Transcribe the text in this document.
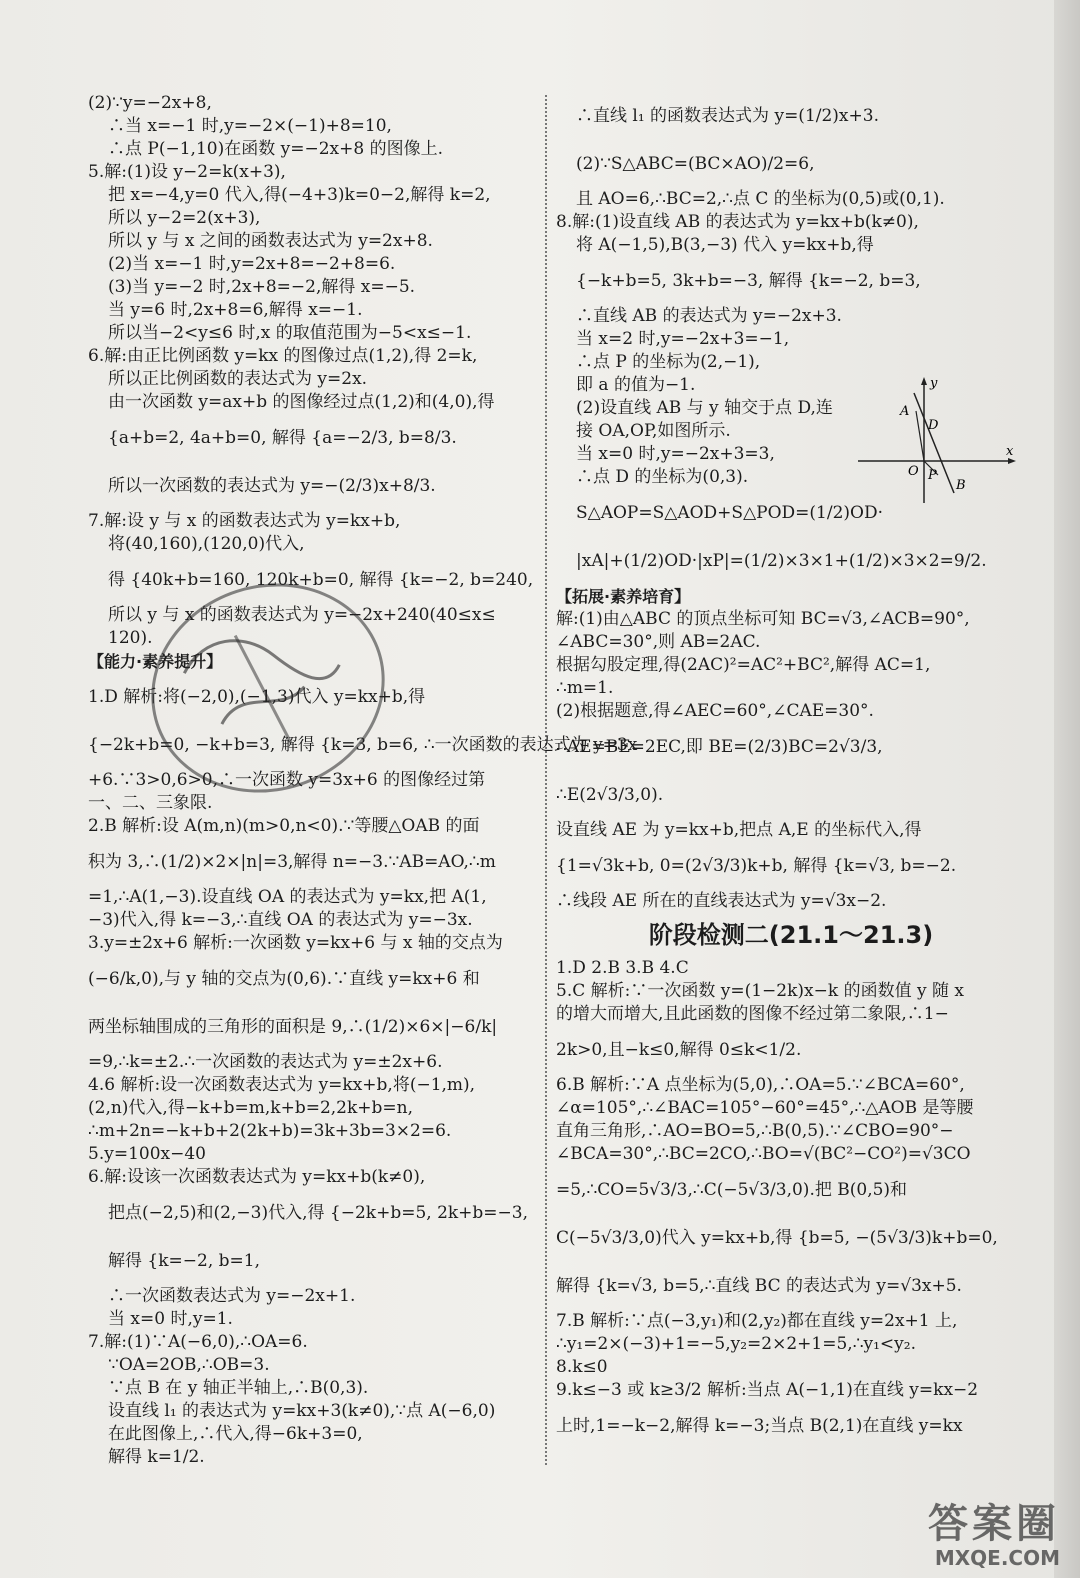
(2)∵y=−2x+8,
∴当 x=−1 时,y=−2×(−1)+8=10,
∴点 P(−1,10)在函数 y=−2x+8 的图像上.
5.解:(1)设 y−2=k(x+3),
把 x=−4,y=0 代入,得(−4+3)k=0−2,解得 k=2,
所以 y−2=2(x+3),
所以 y 与 x 之间的函数表达式为 y=2x+8.
(2)当 x=−1 时,y=2x+8=−2+8=6.
(3)当 y=−2 时,2x+8=−2,解得 x=−5.
当 y=6 时,2x+8=6,解得 x=−1.
所以当−2<y≤6 时,x 的取值范围为−5<x≤−1.
6.解:由正比例函数 y=kx 的图像过点(1,2),得 2=k,
所以正比例函数的表达式为 y=2x.
由一次函数 y=ax+b 的图像经过点(1,2)和(4,0),得
{a+b=2, 4a+b=0, 解得 {a=−2/3, b=8/3.
所以一次函数的表达式为 y=−(2/3)x+8/3.
7.解:设 y 与 x 的函数表达式为 y=kx+b,
将(40,160),(120,0)代入,
得 {40k+b=160, 120k+b=0, 解得 {k=−2, b=240,
所以 y 与 x 的函数表达式为 y=−2x+240(40≤x≤
120).
【能力·素养提升】
1.D 解析:将(−2,0),(−1,3)代入 y=kx+b,得
{−2k+b=0, −k+b=3, 解得 {k=3, b=6, ∴一次函数的表达式为 y=3x
+6.∵3>0,6>0,∴一次函数 y=3x+6 的图像经过第
一、二、三象限.
2.B 解析:设 A(m,n)(m>0,n<0).∵等腰△OAB 的面
积为 3,∴(1/2)×2×|n|=3,解得 n=−3.∵AB=AO,∴m
=1,∴A(1,−3).设直线 OA 的表达式为 y=kx,把 A(1,
−3)代入,得 k=−3,∴直线 OA 的表达式为 y=−3x.
3.y=±2x+6 解析:一次函数 y=kx+6 与 x 轴的交点为
(−6/k,0),与 y 轴的交点为(0,6).∵直线 y=kx+6 和
两坐标轴围成的三角形的面积是 9,∴(1/2)×6×|−6/k|
=9,∴k=±2.∴一次函数的表达式为 y=±2x+6.
4.6 解析:设一次函数表达式为 y=kx+b,将(−1,m),
(2,n)代入,得−k+b=m,k+b=2,2k+b=n,
∴m+2n=−k+b+2(2k+b)=3k+3b=3×2=6.
5.y=100x−40
6.解:设该一次函数表达式为 y=kx+b(k≠0),
把点(−2,5)和(2,−3)代入,得 {−2k+b=5, 2k+b=−3,
解得 {k=−2, b=1,
∴一次函数表达式为 y=−2x+1.
当 x=0 时,y=1.
7.解:(1)∵A(−6,0),∴OA=6.
∵OA=2OB,∴OB=3.
∵点 B 在 y 轴正半轴上,∴B(0,3).
设直线 l₁ 的表达式为 y=kx+3(k≠0),∵点 A(−6,0)
在此图像上,∴代入,得−6k+3=0,
解得 k=1/2.
∴直线 l₁ 的函数表达式为 y=(1/2)x+3.
(2)∵S△ABC=(BC×AO)/2=6,
且 AO=6,∴BC=2,∴点 C 的坐标为(0,5)或(0,1).
8.解:(1)设直线 AB 的表达式为 y=kx+b(k≠0),
将 A(−1,5),B(3,−3) 代入 y=kx+b,得
{−k+b=5, 3k+b=−3, 解得 {k=−2, b=3,
∴直线 AB 的表达式为 y=−2x+3.
当 x=2 时,y=−2x+3=−1,
∴点 P 的坐标为(2,−1),
即 a 的值为−1.
(2)设直线 AB 与 y 轴交于点 D,连
接 OA,OP,如图所示.
当 x=0 时,y=−2x+3=3,
∴点 D 的坐标为(0,3).
S△AOP=S△AOD+S△POD=(1/2)OD·
|xA|+(1/2)OD·|xP|=(1/2)×3×1+(1/2)×3×2=9/2.
【拓展·素养培育】
解:(1)由△ABC 的顶点坐标可知 BC=√3,∠ACB=90°,
∠ABC=30°,则 AB=2AC.
根据勾股定理,得(2AC)²=AC²+BC²,解得 AC=1,
∴m=1.
(2)根据题意,得∠AEC=60°,∠CAE=30°.
∴AE=BE=2EC,即 BE=(2/3)BC=2√3/3,
∴E(2√3/3,0).
设直线 AE 为 y=kx+b,把点 A,E 的坐标代入,得
{1=√3k+b, 0=(2√3/3)k+b, 解得 {k=√3, b=−2.
∴线段 AE 所在的直线表达式为 y=√3x−2.
阶段检测二(21.1～21.3)
1.D 2.B 3.B 4.C
5.C 解析:∵一次函数 y=(1−2k)x−k 的函数值 y 随 x
的增大而增大,且此函数的图像不经过第二象限,∴1−
2k>0,且−k≤0,解得 0≤k<1/2.
6.B 解析:∵A 点坐标为(5,0),∴OA=5.∵∠BCA=60°,
∠α=105°,∴∠BAC=105°−60°=45°,∴△AOB 是等腰
直角三角形,∴AO=BO=5,∴B(0,5).∵∠CBO=90°−
∠BCA=30°,∴BC=2CO,∴BO=√(BC²−CO²)=√3CO
=5,∴CO=5√3/3,∴C(−5√3/3,0).把 B(0,5)和
C(−5√3/3,0)代入 y=kx+b,得 {b=5, −(5√3/3)k+b=0,
解得 {k=√3, b=5,∴直线 BC 的表达式为 y=√3x+5.
7.B 解析:∵点(−3,y₁)和(2,y₂)都在直线 y=2x+1 上,
∴y₁=2×(−3)+1=−5,y₂=2×2+1=5,∴y₁<y₂.
8.k≤0
9.k≤−3 或 k≥3/2 解析:当点 A(−1,1)在直线 y=kx−2
上时,1=−k−2,解得 k=−3;当点 B(2,1)在直线 y=kx
y
x
O
A
D
P
B
答案圈
MXQE.COM
